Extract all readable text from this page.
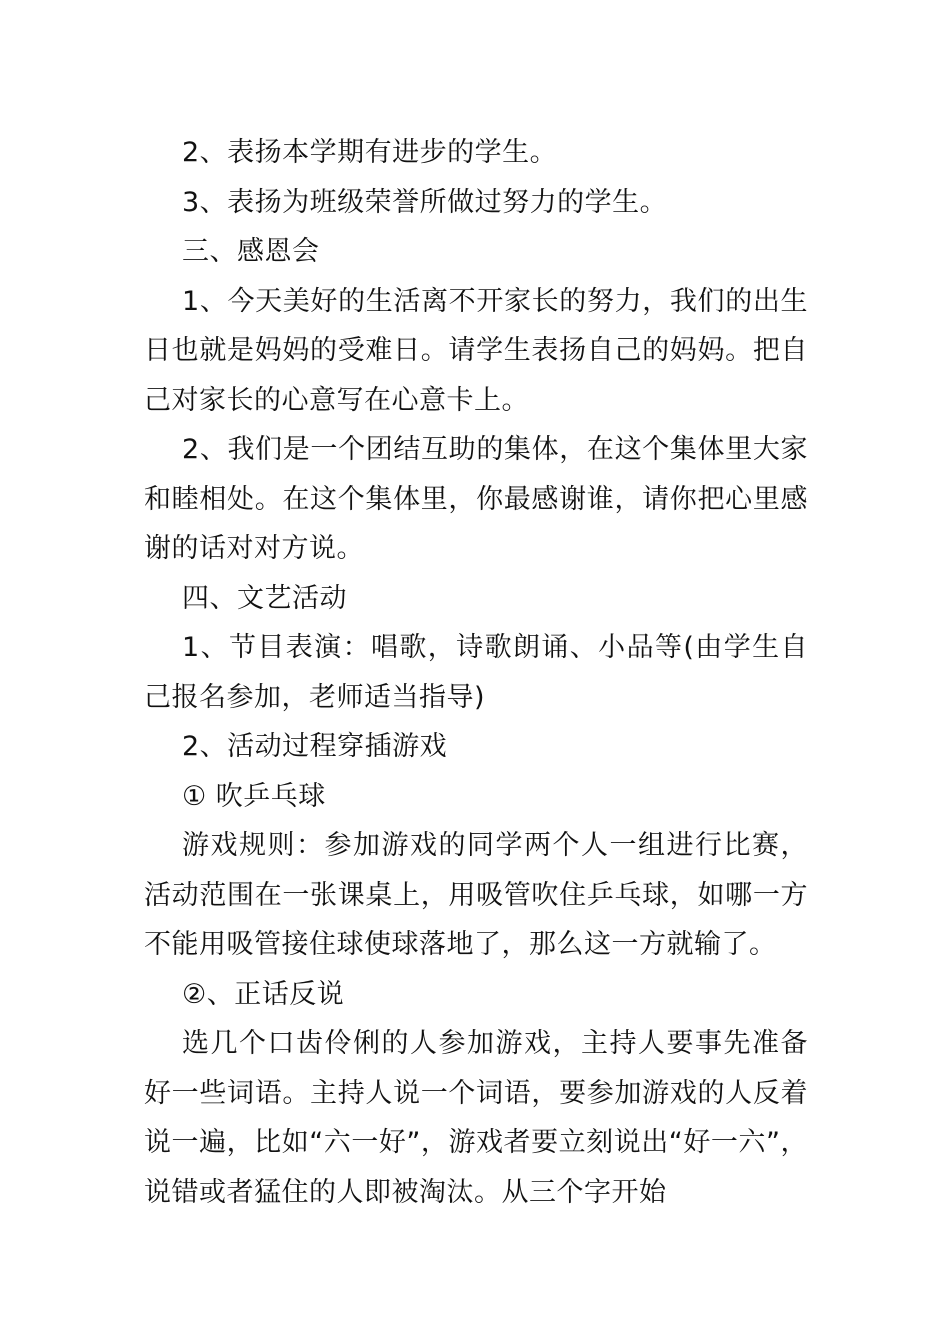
2、表扬本学期有进步的学生。

3、表扬为班级荣誉所做过努力的学生。

三、感恩会

1、今天美好的生活离不开家长的努力，我们的出生日也就是妈妈的受难日。请学生表扬自己的妈妈。把自己对家长的心意写在心意卡上。

2、我们是一个团结互助的集体，在这个集体里大家和睦相处。在这个集体里，你最感谢谁，请你把心里感谢的话对对方说。

四、文艺活动

1、节目表演：唱歌，诗歌朗诵、小品等(由学生自己报名参加，老师适当指导)

2、活动过程穿插游戏

① 吹乒乓球

游戏规则：参加游戏的同学两个人一组进行比赛，活动范围在一张课桌上，用吸管吹住乒乓球，如哪一方不能用吸管接住球使球落地了，那么这一方就输了。

②、正话反说

选几个口齿伶俐的人参加游戏，主持人要事先准备好一些词语。主持人说一个词语，要参加游戏的人反着说一遍，比如“六一好”，游戏者要立刻说出“好一六”，说错或者猛住的人即被淘汰。从三个字开始
